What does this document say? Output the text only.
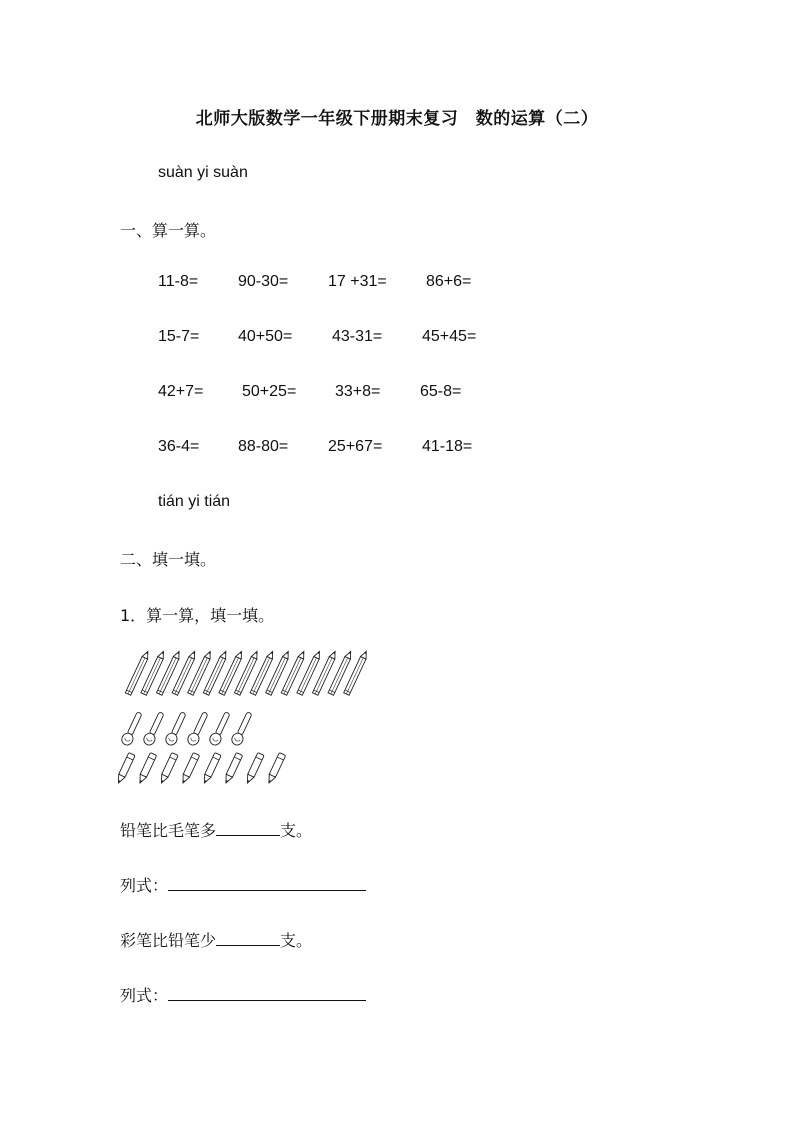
北师大版数学一年级下册期末复习　数的运算（二）
suàn yi suàn
一、算一算。
11-8= 90-30= 17 +31= 86+6=
15-7= 40+50= 43-31= 45+45=
42+7= 50+25= 33+8= 65-8=
36-4= 88-80= 25+67= 41-18=
tián yi tián
二、填一填。
1．算一算，填一填。
铅笔比毛笔多	支。
列式：
彩笔比铅笔少	支。
列式：
